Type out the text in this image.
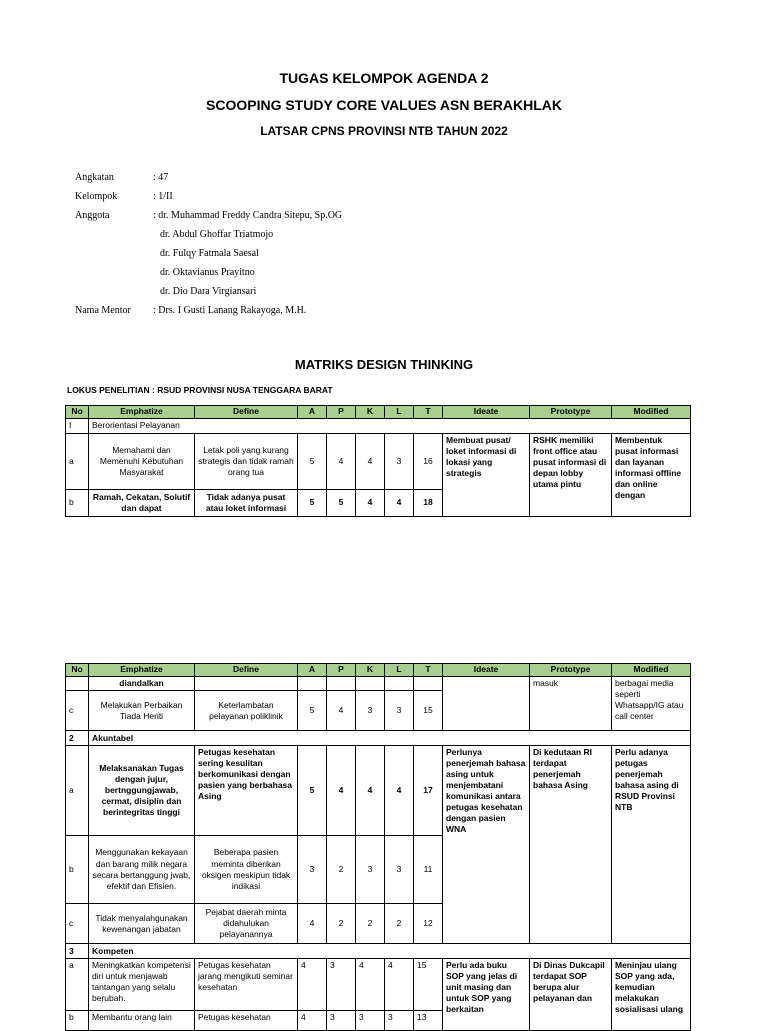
TUGAS KELOMPOK AGENDA 2
SCOOPING STUDY CORE VALUES ASN BERAKHLAK
LATSAR CPNS PROVINSI NTB TAHUN 2022
Angkatan	: 47
Kelompok	: 1/II
Anggota	: dr. Muhammad Freddy Candra Sitepu, Sp.OG
dr. Abdul Ghoffar Triatmojo
dr. Fulqy Fatmala Saesal
dr. Oktavianus Prayitno
dr. Dio Dara Virgiansari
Nama Mentor	: Drs. I Gusti Lanang Rakayoga, M.H.
MATRIKS DESIGN THINKING
LOKUS PENELITIAN : RSUD PROVINSI NUSA TENGGARA BARAT
No	Emphatize	Define	A	P	K	L	T	Ideate	Prototype	Modified
I	Berorientasi Pelayanan									
a	Memahami dan Memenuhi Kebutuhan Masyarakat	Letak poli yang kurang strategis dan tidak ramah orang tua	5	4	4	3	16	Membuat pusat/ loket informasi di lokasi yang strategis	RSHK memiliki front office atau pusat informasi di depan lobby utama pintu	Membentuk pusat informasi dan layanan informasi offline dan online dengan
b	Ramah, Cekatan, Solutif dan dapat	Tidak adanya pusat atau loket informasi	5	5	4	4	18			
No	Emphatize	Define	A	P	K	L	T	Ideate	Prototype	Modified
	diandalkan								masuk	berbagai media seperti Whatsapp/IG atau call center
c	Melakukan Perbaikan Tiada Henti	Keterlambatan pelayanan poliklinik	5	4	3	3	15			
2	Akuntabel									
a	Melaksanakan Tugas dengan jujur, bertnggungjawab, cermat, disiplin dan berintegritas tinggi	Petugas kesehatan sering kesulitan berkomunikasi dengan pasien yang berbahasa Asing	5	4	4	4	17	Perlunya penerjemah bahasa asing untuk menjembatani komunikasi antara petugas kesehatan dengan pasien WNA	Di kedutaan RI terdapat penerjemah bahasa Asing	Perlu adanya petugas penerjemah bahasa asing di RSUD Provinsi NTB
b	Menggunakan kekayaan dan barang milik negara secara bertanggung jwab, efektif dan Efisien.	Beberapa pasien meminta diberikan oksigen meskipun tidak indikasi	3	2	3	3	11			
c	Tidak menyalahgunakan kewenangan jabatan	Pejabat daerah minta didahulukan pelayanannya	4	2	2	2	12			
3	Kompeten									
a	Meningkatkan kompetensi diri untuk menjawab tantangan yang selalu berubah.	Petugas kesehatan jarang mengikuti seminar kesehatan	4	3	4	4	15	Perlu ada buku SOP yang jelas di unit masing dan untuk SOP yang berkaitan	Di Dinas Dukcapil terdapat SOP berupa alur pelayanan dan	Meninjau ulang SOP yang ada, kemudian melakukan sosialisasi ulang
b	Membantu orang lain	Petugas kesehatan	4	3	3	3	13			
